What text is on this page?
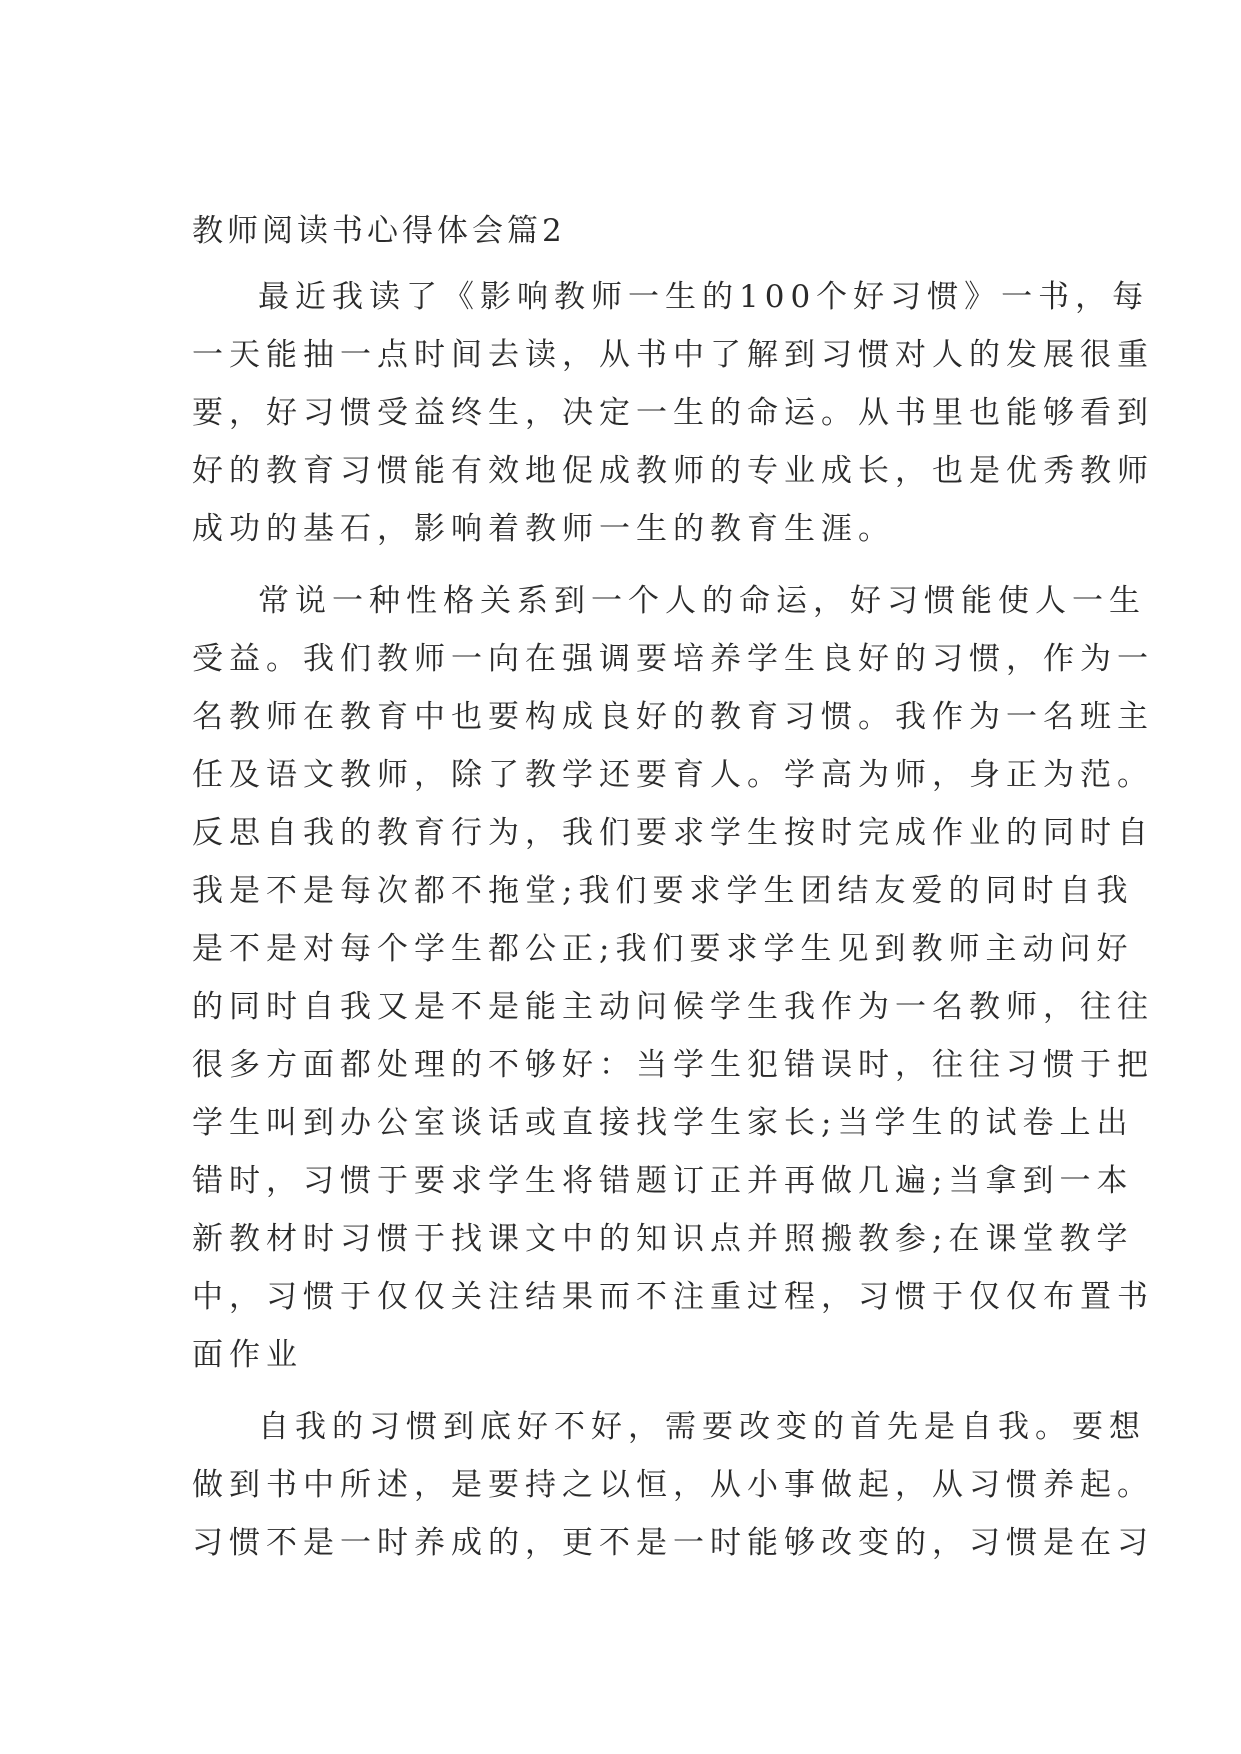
教师阅读书心得体会篇2
最近我读了《影响教师一生的100个好习惯》一书，每
一天能抽一点时间去读，从书中了解到习惯对人的发展很重
要，好习惯受益终生，决定一生的命运。从书里也能够看到
好的教育习惯能有效地促成教师的专业成长，也是优秀教师
成功的基石，影响着教师一生的教育生涯。
常说一种性格关系到一个人的命运，好习惯能使人一生
受益。我们教师一向在强调要培养学生良好的习惯，作为一
名教师在教育中也要构成良好的教育习惯。我作为一名班主
任及语文教师，除了教学还要育人。学高为师，身正为范。
反思自我的教育行为，我们要求学生按时完成作业的同时自
我是不是每次都不拖堂;我们要求学生团结友爱的同时自我
是不是对每个学生都公正;我们要求学生见到教师主动问好
的同时自我又是不是能主动问候学生我作为一名教师，往往
很多方面都处理的不够好：当学生犯错误时，往往习惯于把
学生叫到办公室谈话或直接找学生家长;当学生的试卷上出
错时，习惯于要求学生将错题订正并再做几遍;当拿到一本
新教材时习惯于找课文中的知识点并照搬教参;在课堂教学
中，习惯于仅仅关注结果而不注重过程，习惯于仅仅布置书
面作业
自我的习惯到底好不好，需要改变的首先是自我。要想
做到书中所述，是要持之以恒，从小事做起，从习惯养起。
习惯不是一时养成的，更不是一时能够改变的，习惯是在习
